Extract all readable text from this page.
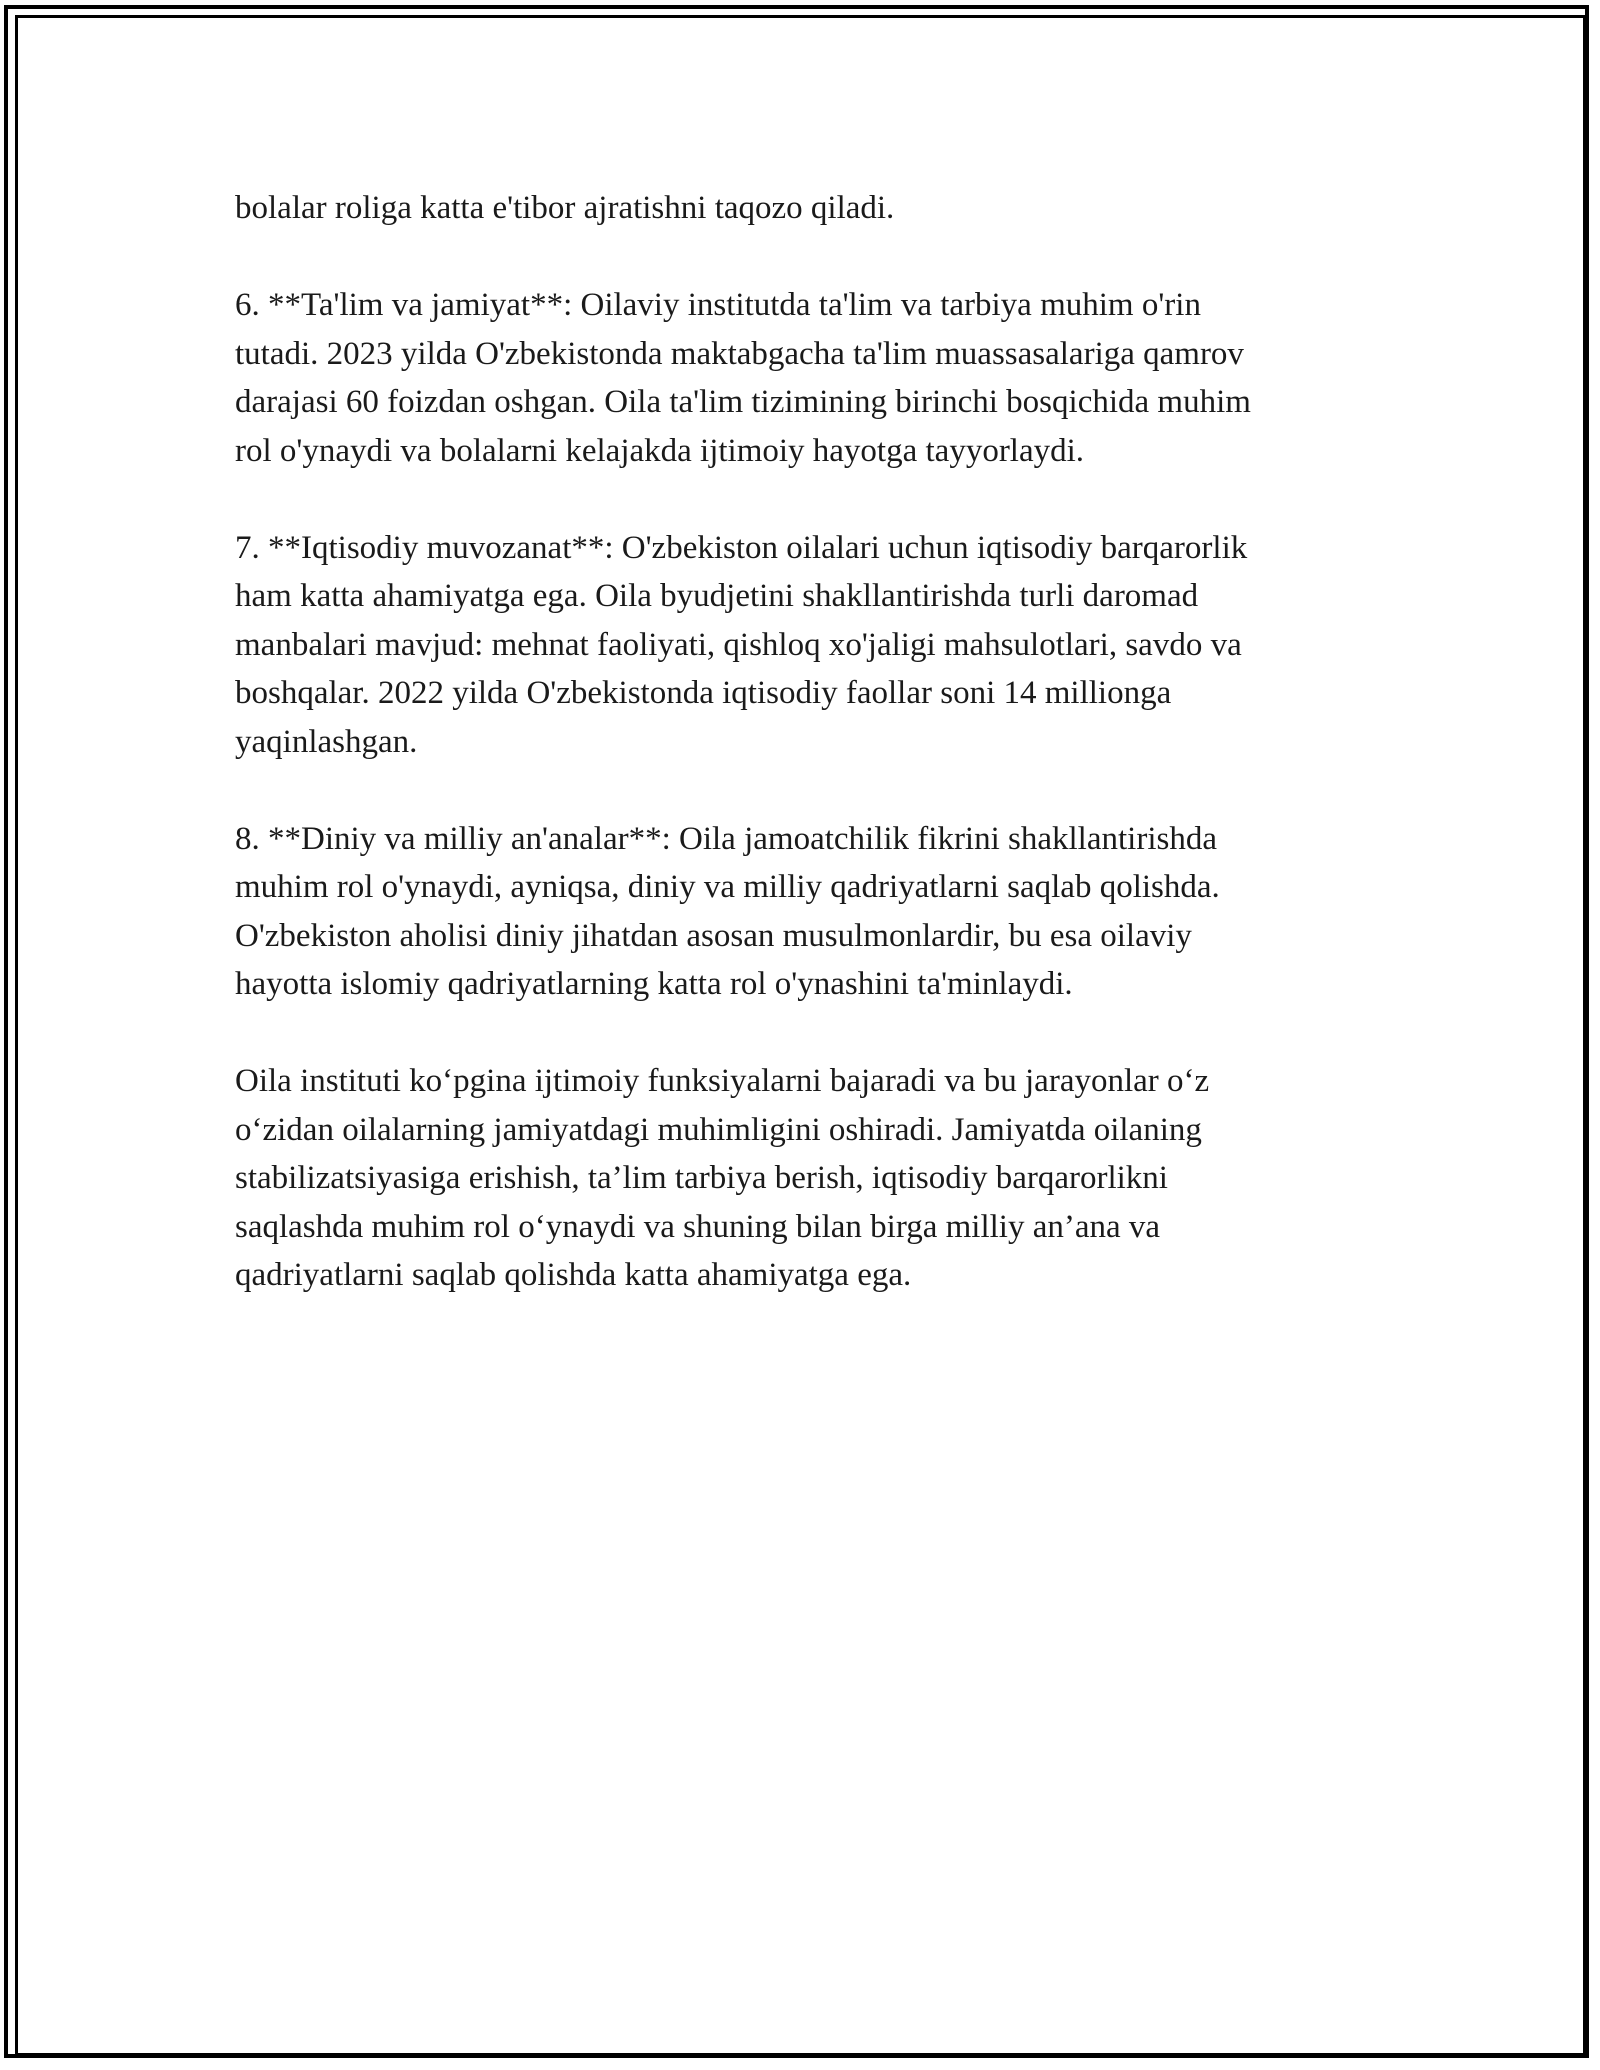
bolalar roliga katta e'tibor ajratishni taqozo qiladi.

6. **Ta'lim va jamiyat**: Oilaviy institutda ta'lim va tarbiya muhim o'rin
tutadi. 2023 yilda O'zbekistonda maktabgacha ta'lim muassasalariga qamrov
darajasi 60 foizdan oshgan. Oila ta'lim tizimining birinchi bosqichida muhim
rol o'ynaydi va bolalarni kelajakda ijtimoiy hayotga tayyorlaydi.

7. **Iqtisodiy muvozanat**: O'zbekiston oilalari uchun iqtisodiy barqarorlik
ham katta ahamiyatga ega. Oila byudjetini shakllantirishda turli daromad
manbalari mavjud: mehnat faoliyati, qishloq xo'jaligi mahsulotlari, savdo va
boshqalar. 2022 yilda O'zbekistonda iqtisodiy faollar soni 14 millionga
yaqinlashgan.

8. **Diniy va milliy an'analar**: Oila jamoatchilik fikrini shakllantirishda
muhim rol o'ynaydi, ayniqsa, diniy va milliy qadriyatlarni saqlab qolishda.
O'zbekiston aholisi diniy jihatdan asosan musulmonlardir, bu esa oilaviy
hayotta islomiy qadriyatlarning katta rol o'ynashini ta'minlaydi.

Oila instituti ko‘pgina ijtimoiy funksiyalarni bajaradi va bu jarayonlar o‘z
o‘zidan oilalarning jamiyatdagi muhimligini oshiradi. Jamiyatda oilaning
stabilizatsiyasiga erishish, ta’lim tarbiya berish, iqtisodiy barqarorlikni
saqlashda muhim rol o‘ynaydi va shuning bilan birga milliy an’ana va
qadriyatlarni saqlab qolishda katta ahamiyatga ega.
